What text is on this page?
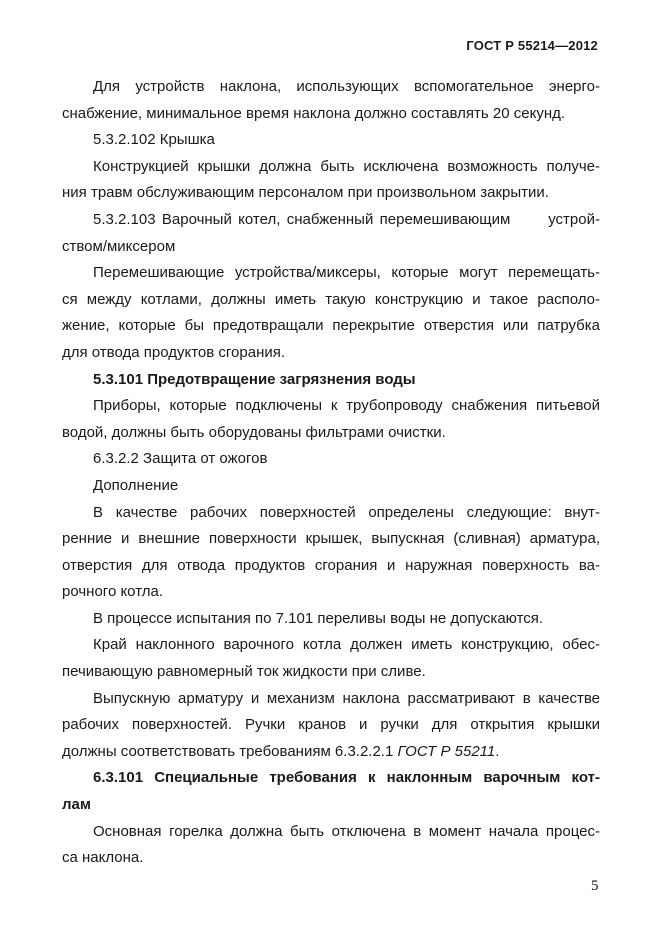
ГОСТ Р 55214—2012
Для устройств наклона, использующих вспомогательное энерго-
снабжение, минимальное время наклона должно составлять 20 секунд.
5.3.2.102 Крышка
Конструкцией крышки должна быть исключена возможность получе-
ния травм обслуживающим персоналом при произвольном закрытии.
5.3.2.103 Варочный котел, снабженный перемешивающим      устрой-
ством/миксером
Перемешивающие устройства/миксеры, которые могут перемещать-
ся между котлами, должны иметь такую конструкцию и такое располо-
жение, которые бы предотвращали перекрытие отверстия или патрубка
для отвода продуктов сгорания.
5.3.101 Предотвращение загрязнения воды
Приборы, которые подключены к трубопроводу снабжения питьевой
водой, должны быть оборудованы фильтрами очистки.
6.3.2.2 Защита от ожогов
Дополнение
В качестве рабочих поверхностей определены следующие: внут-
ренние и внешние поверхности крышек, выпускная (сливная) арматура,
отверстия для отвода продуктов сгорания и наружная поверхность ва-
рочного котла.
В процессе испытания по 7.101 переливы воды не допускаются.
Край наклонного варочного котла должен иметь конструкцию, обес-
печивающую равномерный ток жидкости при сливе.
Выпускную арматуру и механизм наклона рассматривают в качестве
рабочих поверхностей. Ручки кранов и ручки для открытия крышки
должны соответствовать требованиям 6.3.2.2.1 ГОСТ Р 55211.
6.3.101 Специальные требования к наклонным варочным кот-
лам
Основная горелка должна быть отключена в момент начала процес-
са наклона.
5
